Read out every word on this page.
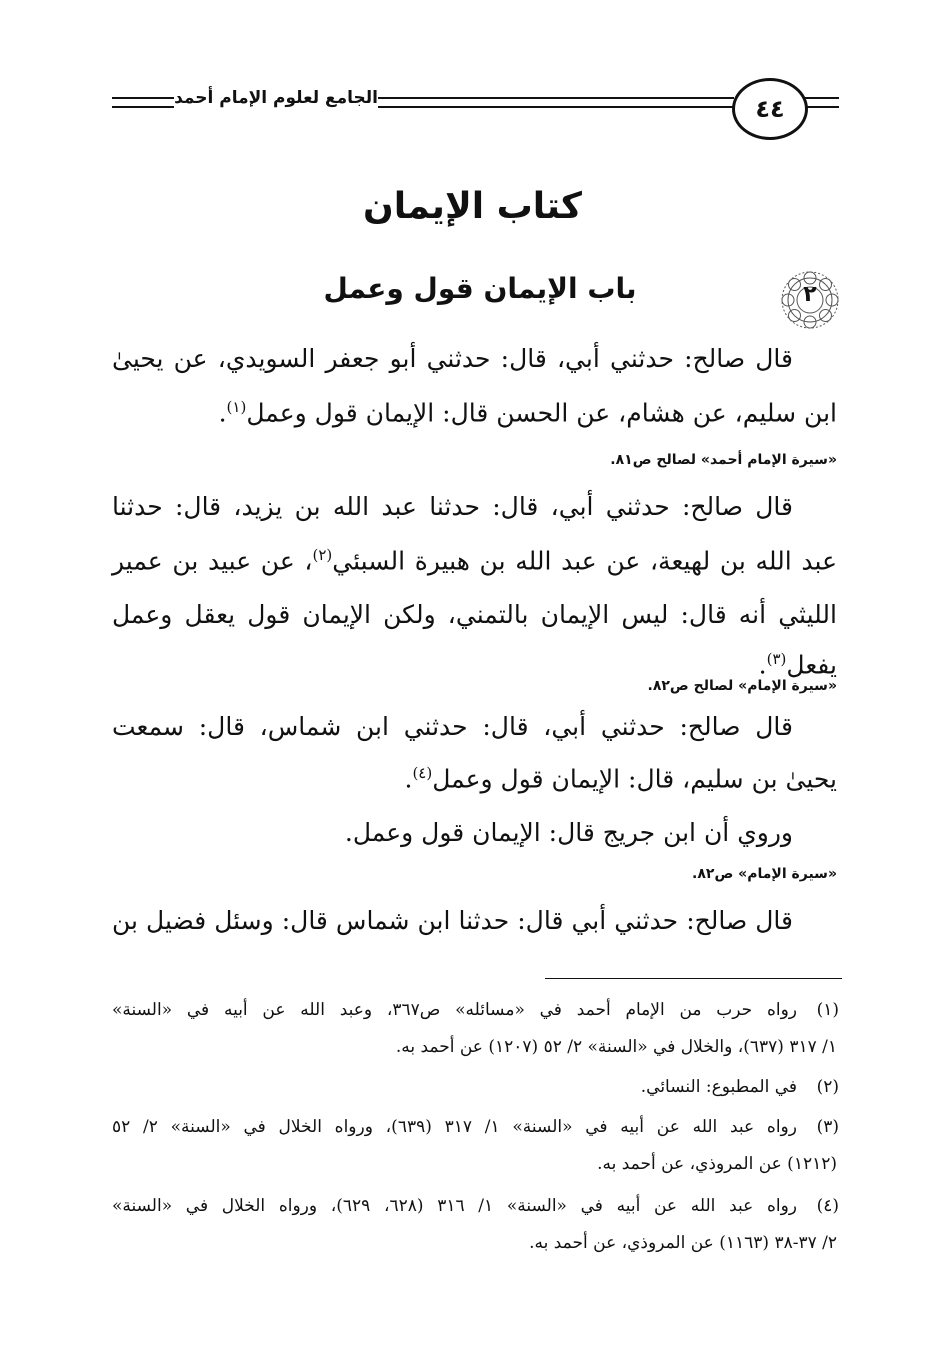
الجامع لعلوم الإمام أحمد	٤٤
كتاب الإيمان
٢
باب الإيمان قول وعمل
قال صالح: حدثني أبي، قال: حدثني أبو جعفر السويدي، عن يحيىٰ
ابن سليم، عن هشام، عن الحسن قال: الإيمان قول وعمل$^{(١)}$.
«سيرة الإمام أحمد» لصالح ص٨١.
قال صالح: حدثني أبي، قال: حدثنا عبد الله بن يزيد، قال: حدثنا
عبد الله بن لهيعة، عن عبد الله بن هبيرة السبئي$^{(٢)}$، عن عبيد بن عمير
الليثي أنه قال: ليس الإيمان بالتمني، ولكن الإيمان قول يعقل وعمل
يفعل$^{(٣)}$.
«سيرة الإمام» لصالح ص٨٢.
قال صالح: حدثني أبي، قال: حدثني ابن شماس، قال: سمعت
يحيىٰ بن سليم، قال: الإيمان قول وعمل$^{(٤)}$.
وروي أن ابن جريج قال: الإيمان قول وعمل.
«سيرة الإمام» ص٨٢.
قال صالح: حدثني أبي قال: حدثنا ابن شماس قال: وسئل فضيل بن
(١)
رواه حرب من الإمام أحمد في «مسائله» ص٣٦٧، وعبد الله عن أبيه في «السنة»
١/ ٣١٧ (٦٣٧)، والخلال في «السنة» ٢/ ٥٢ (١٢٠٧) عن أحمد به.
(٢)
في المطبوع: النسائي.
(٣)
رواه عبد الله عن أبيه في «السنة» ١/ ٣١٧ (٦٣٩)، ورواه الخلال في «السنة» ٢/ ٥٢
(١٢١٢) عن المروذي، عن أحمد به.
(٤)
رواه عبد الله عن أبيه في «السنة» ١/ ٣١٦ (٦٢٨، ٦٢٩)، ورواه الخلال في «السنة»
٢/ ٣٧-٣٨ (١١٦٣) عن المروذي، عن أحمد به.
